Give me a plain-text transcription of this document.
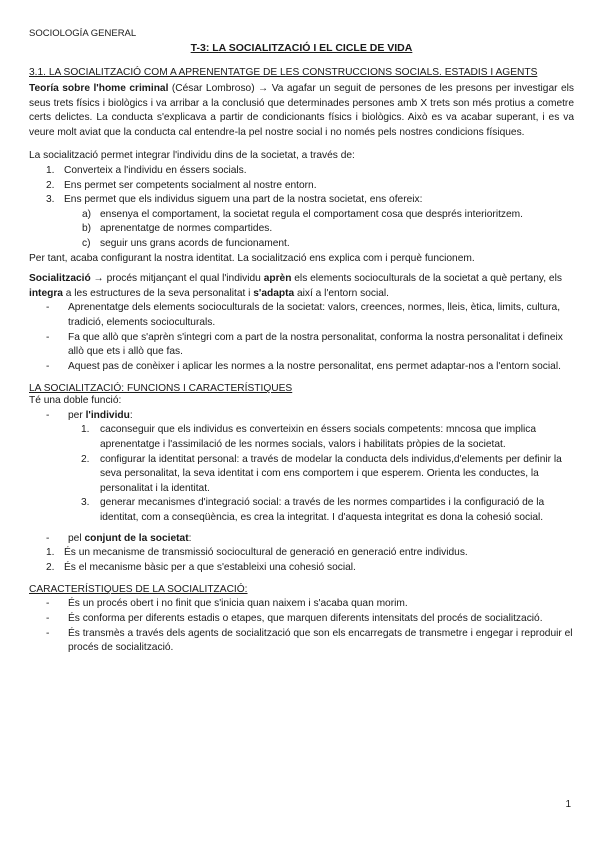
SOCIOLOGÍA GENERAL
T-3: LA SOCIALITZACIÓ I EL CICLE DE VIDA
3.1. LA SOCIALITZACIÓ COM A APRENENTATGE DE LES CONSTRUCCIONS SOCIALS. ESTADIS I AGENTS

Teoría sobre l'home criminal (César Lombroso) → Va agafar un seguit de persones de les presons per investigar els seus trets físics i biològics i va arribar a la conclusió que determinades persones amb X trets son més protius a cometre certs delictes. La conducta s'explicava a partir de condicionants físics i biològics. Això es va acabar superant, i es va veure molt aviat que la conducta cal entendre-la pel nostre social i no només pels nostres condicions físiques.

La socialització permet integrar l'individu dins de la societat, a través de:

1. Converteix a l'individu en éssers socials.
2. Ens permet ser competents socialment al nostre entorn.
3. Ens permet que els individus siguem una part de la nostra societat, ens ofereix:
a) ensenya el comportament, la societat regula el comportament cosa que després interioritzem.
b) aprenentatge de normes compartides.
c) seguir uns grans acords de funcionament.

Per tant, acaba configurant la nostra identitat. La socialització ens explica com i perquè funcionem.

Socialització → procés mitjançant el qual l'individu aprèn els elements socioculturals de la societat a què pertany, els integra a les estructures de la seva personalitat i s'adapta així a l'entorn social.

-	Aprenentatge dels elements socioculturals de la societat: valors, creences, normes, lleis, ètica, limits, cultura, tradició, elements socioculturals.
-	Fa que allò que s'aprèn s'integri com a part de la nostra personalitat, conforma la nostra personalitat i defineix allò que ets i allò que fas.
-	Aquest pas de conèixer i aplicar les normes a la nostre personalitat, ens permet adaptar-nos a l'entorn social.
LA SOCIALITZACIÓ: FUNCIONS I CARACTERÍSTIQUES

Té una doble funció:

-	per l'individu:
1.	caconseguir que els individus es converteixin en éssers socials competents: mncosa que implica aprenentatge i l'assimilació de les normes socials, valors i habilitats pròpies de la societat.
2.	configurar la identitat personal: a través de modelar la conducta dels individus,d'elements per definir la seva personalitat, la seva identitat i com ens comportem i que esperem. Orienta les conductes, la personalitat i la identitat.
3.	generar mecanismes d'integració social: a través de les normes compartides i la configuració de la identitat, com a conseqüència, es crea la integritat. I d'aquesta integritat es dona la cohesió social.
-	pel conjunt de la societat:
1. És un mecanisme de transmissió sociocultural de generació en generació entre individus.
2. És el mecanisme bàsic per a que s'estableixi una cohesió social.
CARACTERÍSTIQUES DE LA SOCIALITZACIÓ:
-	És un procés obert i no finit que s'inicia quan naixem i s'acaba quan morim.
-	És conforma per diferents estadis o etapes, que marquen diferents intensitats del procés de socialització.
-	És transmès a través dels agents de socialització que son els encarregats de transmetre i engegar i reproduir el procés de socialització.
1
